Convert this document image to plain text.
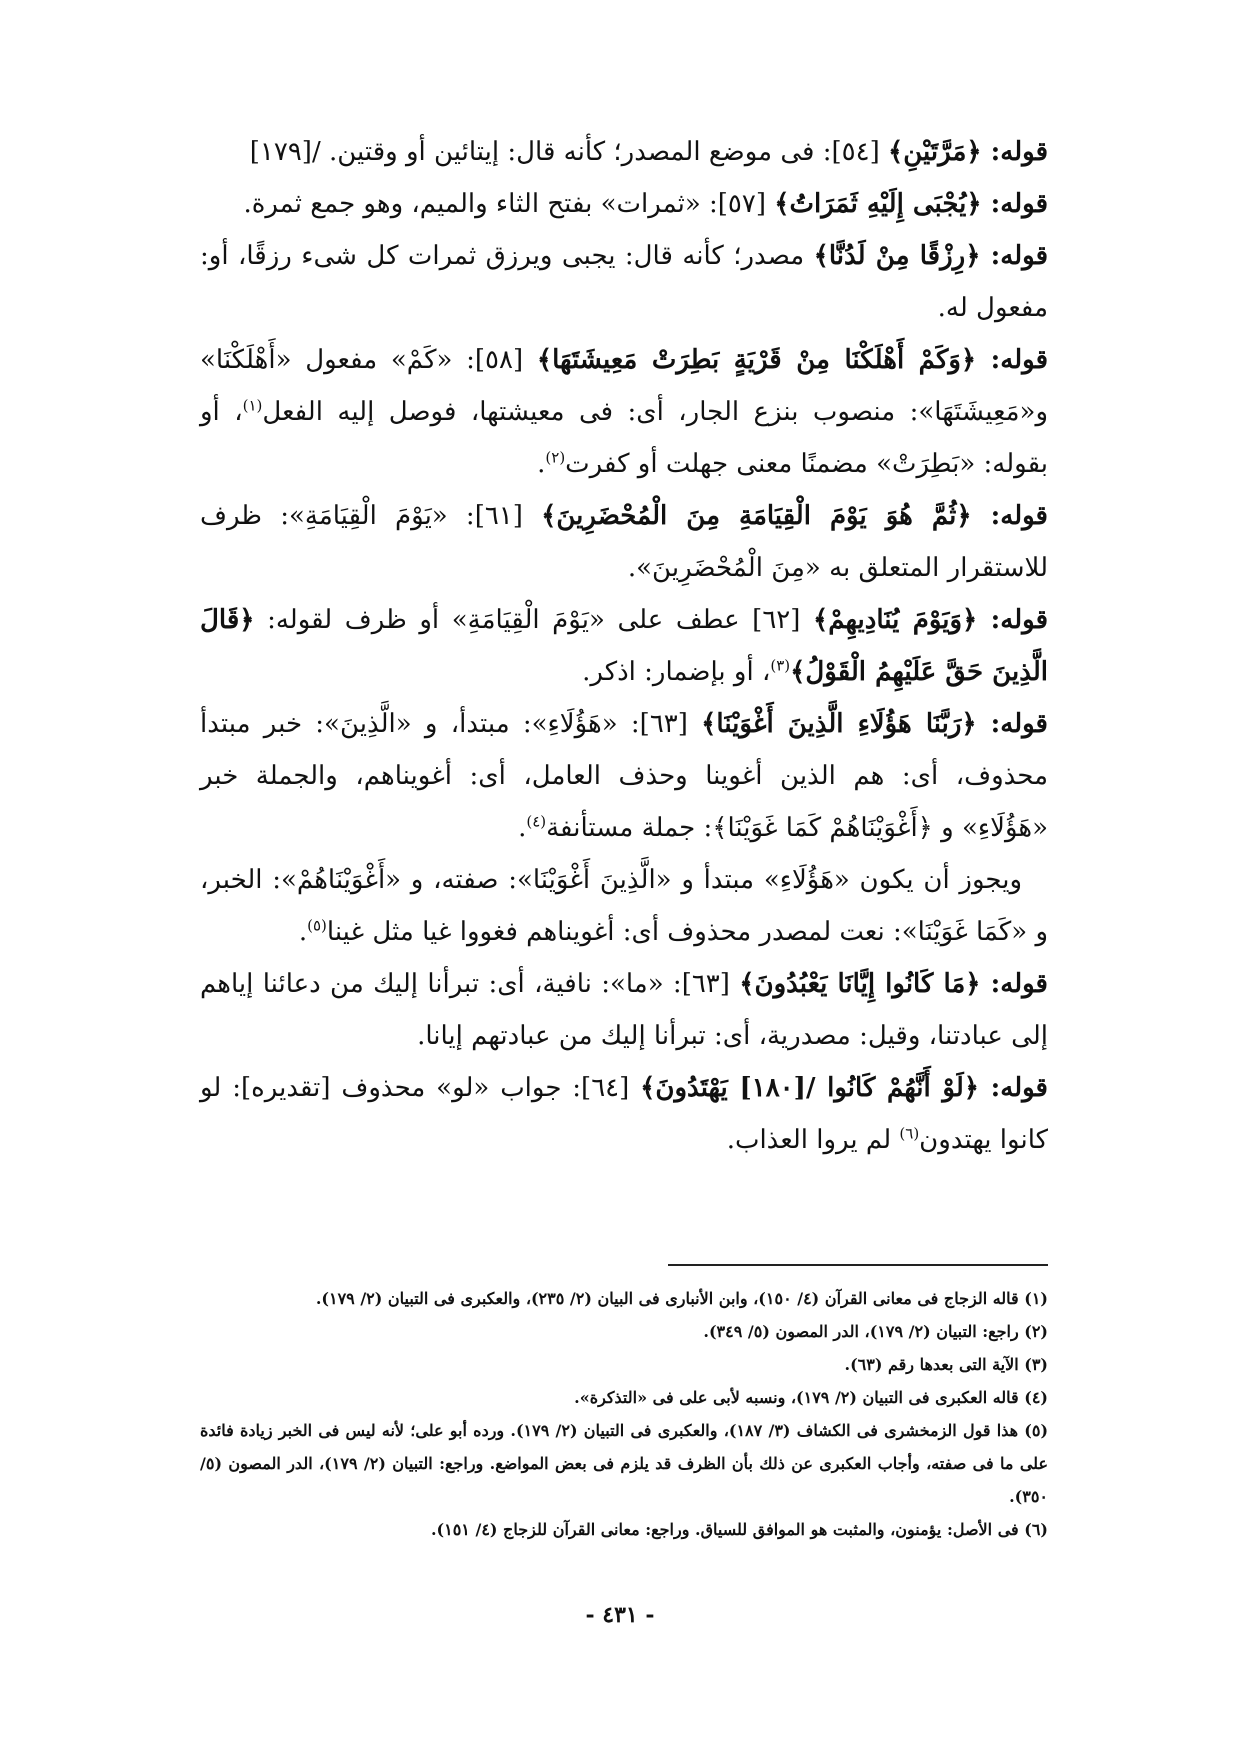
قوله: ﴿مَرَّتَيْنِ﴾ [٥٤]: فى موضع المصدر؛ كأنه قال: إيتائين أو وقتين. /[١٧٩]

قوله: ﴿يُجْبَى إِلَيْهِ ثَمَرَاتُ﴾ [٥٧]: «ثمرات» بفتح الثاء والميم، وهو جمع ثمرة.

قوله: ﴿رِزْقًا مِنْ لَدُنَّا﴾ مصدر؛ كأنه قال: يجبى ويرزق ثمرات كل شىء رزقًا، أو: مفعول له.

قوله: ﴿وَكَمْ أَهْلَكْنَا مِنْ قَرْيَةٍ بَطِرَتْ مَعِيشَتَهَا﴾ [٥٨]: «كَمْ» مفعول «أَهْلَكْنَا» و«مَعِيشَتَهَا»: منصوب بنزع الجار، أى: فى معيشتها، فوصل إليه الفعل$^{(١)}$، أو بقوله: «بَطِرَتْ» مضمنًا معنى جهلت أو كفرت$^{(٢)}$.

قوله: ﴿ثُمَّ هُوَ يَوْمَ الْقِيَامَةِ مِنَ الْمُحْضَرِينَ﴾ [٦١]: «يَوْمَ الْقِيَامَةِ»: ظرف للاستقرار المتعلق به «مِنَ الْمُحْضَرِينَ».

قوله: ﴿وَيَوْمَ يُنَادِيهِمْ﴾ [٦٢] عطف على «يَوْمَ الْقِيَامَةِ» أو ظرف لقوله: ﴿قَالَ الَّذِينَ حَقَّ عَلَيْهِمُ الْقَوْلُ﴾$^{(٣)}$، أو بإضمار: اذكر.

قوله: ﴿رَبَّنَا هَؤُلَاءِ الَّذِينَ أَغْوَيْنَا﴾ [٦٣]: «هَؤُلَاءِ»: مبتدأ، و «الَّذِينَ»: خبر مبتدأ محذوف، أى: هم الذين أغوينا وحذف العامل، أى: أغويناهم، والجملة خبر «هَؤُلَاءِ» و ﴿أَغْوَيْنَاهُمْ كَمَا غَوَيْنَا﴾: جملة مستأنفة$^{(٤)}$.

ويجوز أن يكون «هَؤُلَاءِ» مبتدأ و «الَّذِينَ أَغْوَيْنَا»: صفته، و «أَغْوَيْنَاهُمْ»: الخبر، و «كَمَا غَوَيْنَا»: نعت لمصدر محذوف أى: أغويناهم فغووا غيا مثل غينا$^{(٥)}$.

قوله: ﴿مَا كَانُوا إِيَّانَا يَعْبُدُونَ﴾ [٦٣]: «ما»: نافية، أى: تبرأنا إليك من دعائنا إياهم إلى عبادتنا، وقيل: مصدرية، أى: تبرأنا إليك من عبادتهم إيانا.

قوله: ﴿لَوْ أَنَّهُمْ كَانُوا /[١٨٠] يَهْتَدُونَ﴾ [٦٤]: جواب «لو» محذوف [تقديره]: لو كانوا يهتدون$^{(٦)}$ لم يروا العذاب.

(١) قاله الزجاج فى معانى القرآن (٤/ ١٥٠)، وابن الأنبارى فى البيان (٢/ ٢٣٥)، والعكبرى فى التبيان (٢/ ١٧٩).

(٢) راجع: التبيان (٢/ ١٧٩)، الدر المصون (٥/ ٣٤٩).

(٣) الآية التى بعدها رقم (٦٣).

(٤) قاله العكبرى فى التبيان (٢/ ١٧٩)، ونسبه لأبى على فى «التذكرة».

(٥) هذا قول الزمخشرى فى الكشاف (٣/ ١٨٧)، والعكبرى فى التبيان (٢/ ١٧٩). ورده أبو على؛ لأنه ليس فى الخبر زيادة فائدة على ما فى صفته، وأجاب العكبرى عن ذلك بأن الظرف قد يلزم فى بعض المواضع. وراجع: التبيان (٢/ ١٧٩)، الدر المصون (٥/ ٣٥٠).

(٦) فى الأصل: يؤمنون، والمثبت هو الموافق للسياق. وراجع: معانى القرآن للزجاج (٤/ ١٥١).

- ٤٣١ -
